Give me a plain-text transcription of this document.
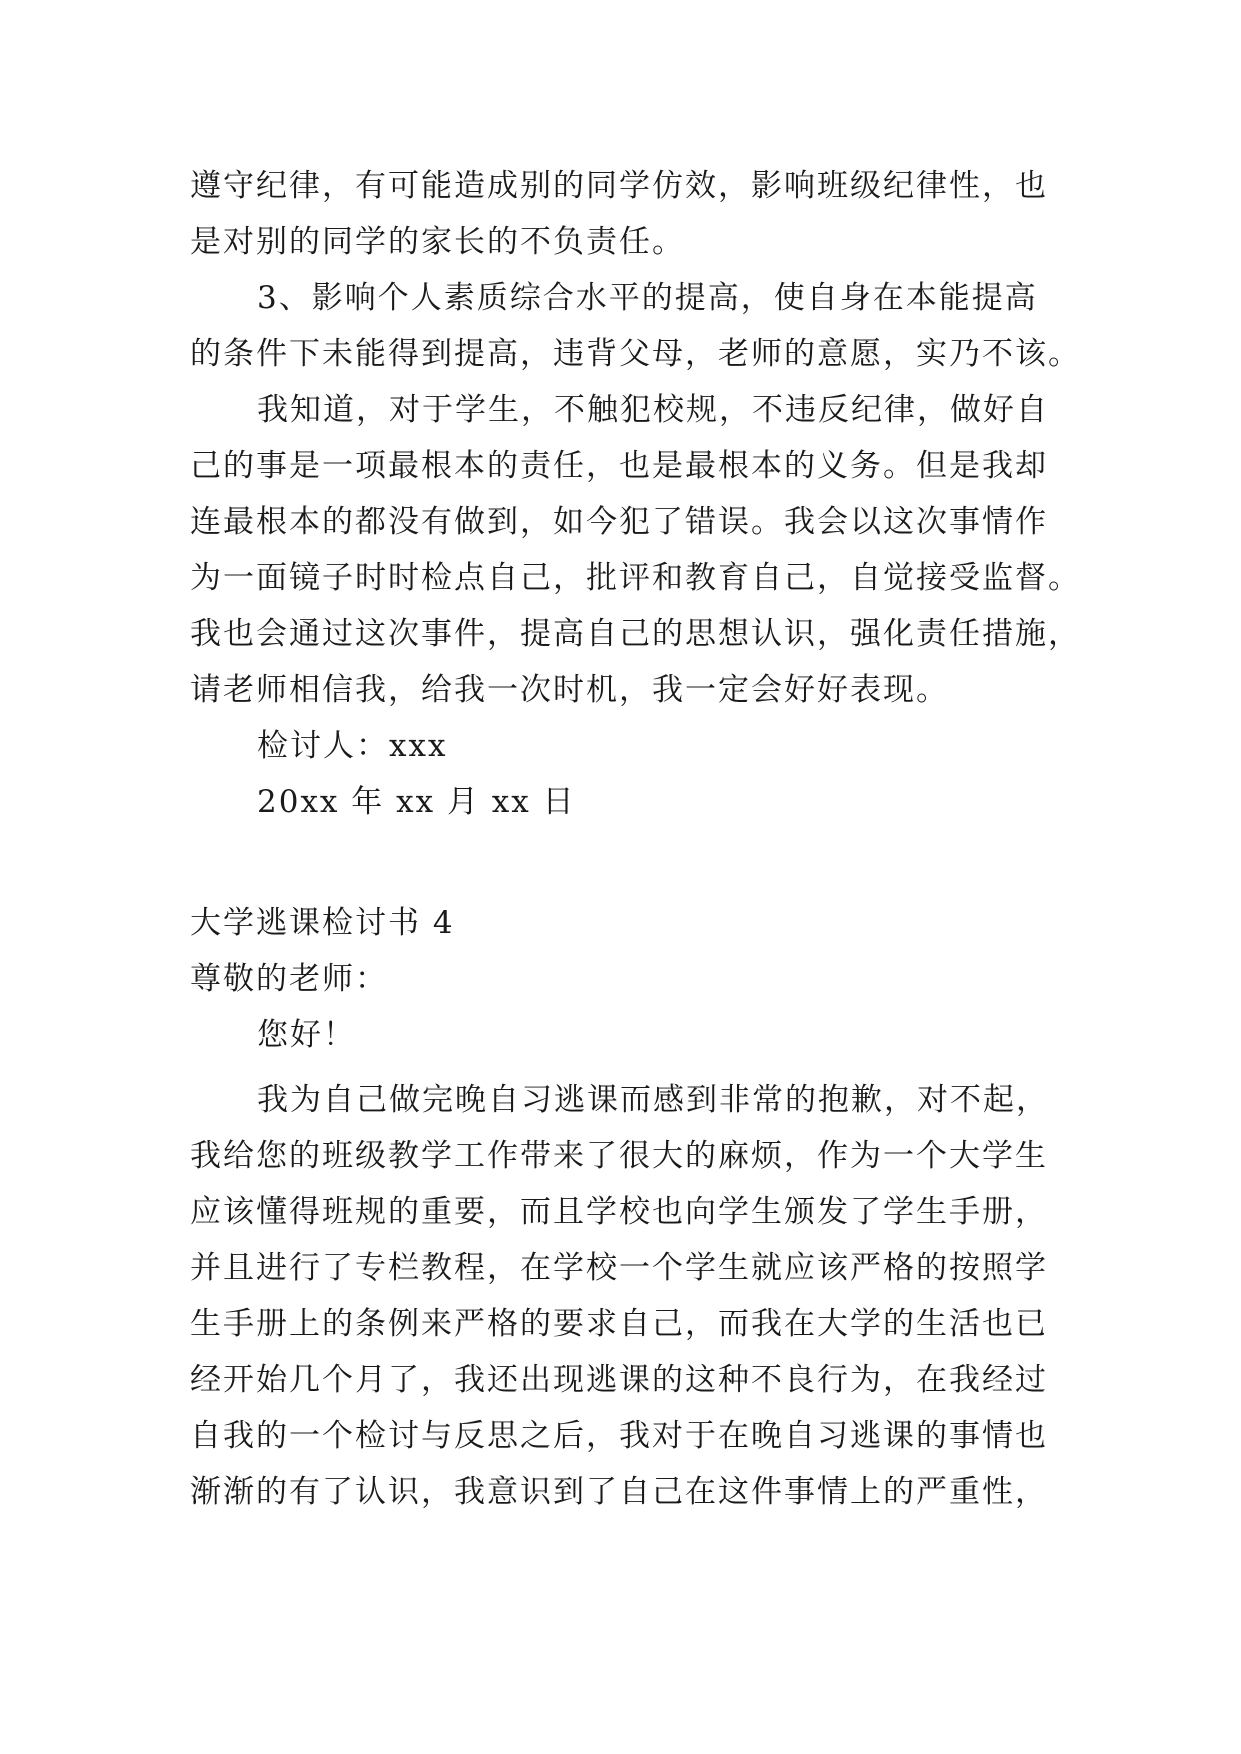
遵守纪律，有可能造成别的同学仿效，影响班级纪律性，也
是对别的同学的家长的不负责任。
3、影响个人素质综合水平的提高，使自身在本能提高
的条件下未能得到提高，违背父母，老师的意愿，实乃不该。
我知道，对于学生，不触犯校规，不违反纪律，做好自
己的事是一项最根本的责任，也是最根本的义务。但是我却
连最根本的都没有做到，如今犯了错误。我会以这次事情作
为一面镜子时时检点自己，批评和教育自己，自觉接受监督。
我也会通过这次事件，提高自己的思想认识，强化责任措施，
请老师相信我，给我一次时机，我一定会好好表现。
检讨人：xxx
20xx 年 xx 月 xx 日
大学逃课检讨书 4
尊敬的老师：
您好！
我为自己做完晚自习逃课而感到非常的抱歉，对不起，
我给您的班级教学工作带来了很大的麻烦，作为一个大学生
应该懂得班规的重要，而且学校也向学生颁发了学生手册，
并且进行了专栏教程，在学校一个学生就应该严格的按照学
生手册上的条例来严格的要求自己，而我在大学的生活也已
经开始几个月了，我还出现逃课的这种不良行为，在我经过
自我的一个检讨与反思之后，我对于在晚自习逃课的事情也
渐渐的有了认识，我意识到了自己在这件事情上的严重性，
